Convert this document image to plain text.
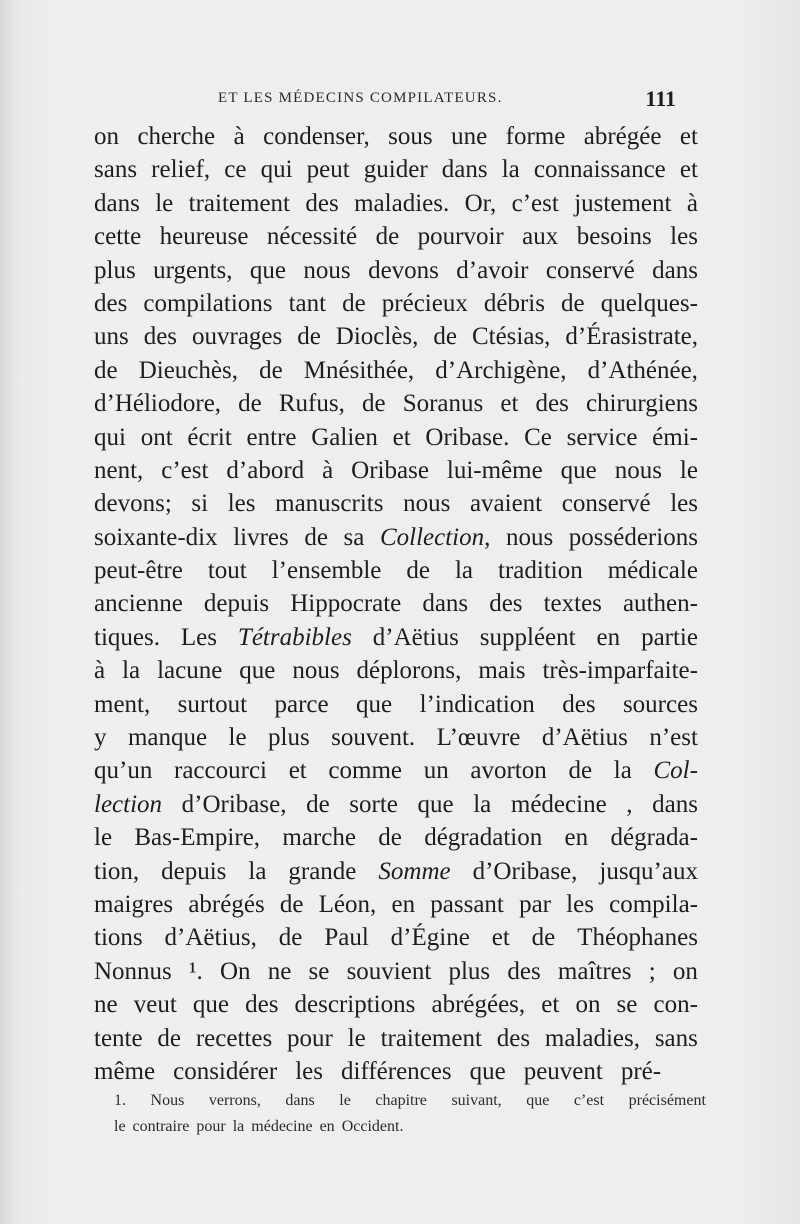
ET LES MÉDECINS COMPILATEURS.	111
on cherche à condenser, sous une forme abrégée et
sans relief, ce qui peut guider dans la connaissance et
dans le traitement des maladies. Or, c’est justement à
cette heureuse nécessité de pourvoir aux besoins les
plus urgents, que nous devons d’avoir conservé dans
des compilations tant de précieux débris de quelques-
uns des ouvrages de Dioclès, de Ctésias, d’Érasistrate,
de Dieuchès, de Mnésithée, d’Archigène, d’Athénée,
d’Héliodore, de Rufus, de Soranus et des chirurgiens
qui ont écrit entre Galien et Oribase. Ce service émi-
nent, c’est d’abord à Oribase lui-même que nous le
devons; si les manuscrits nous avaient conservé les
soixante-dix livres de sa Collection, nous posséderions
peut-être tout l’ensemble de la tradition médicale
ancienne depuis Hippocrate dans des textes authen-
tiques. Les Tétrabibles d’Aëtius suppléent en partie
à la lacune que nous déplorons, mais très-imparfaite-
ment, surtout parce que l’indication des sources
y manque le plus souvent. L’œuvre d’Aëtius n’est
qu’un raccourci et comme un avorton de la Col-
lection d’Oribase, de sorte que la médecine , dans
le Bas-Empire, marche de dégradation en dégrada-
tion, depuis la grande Somme d’Oribase, jusqu’aux
maigres abrégés de Léon, en passant par les compila-
tions d’Aëtius, de Paul d’Égine et de Théophanes
Nonnus ¹. On ne se souvient plus des maîtres ; on
ne veut que des descriptions abrégées, et on se con-
tente de recettes pour le traitement des maladies, sans
même considérer les différences que peuvent pré-
1. Nous verrons, dans le chapitre suivant, que c’est précisément
le contraire pour la médecine en Occident.
